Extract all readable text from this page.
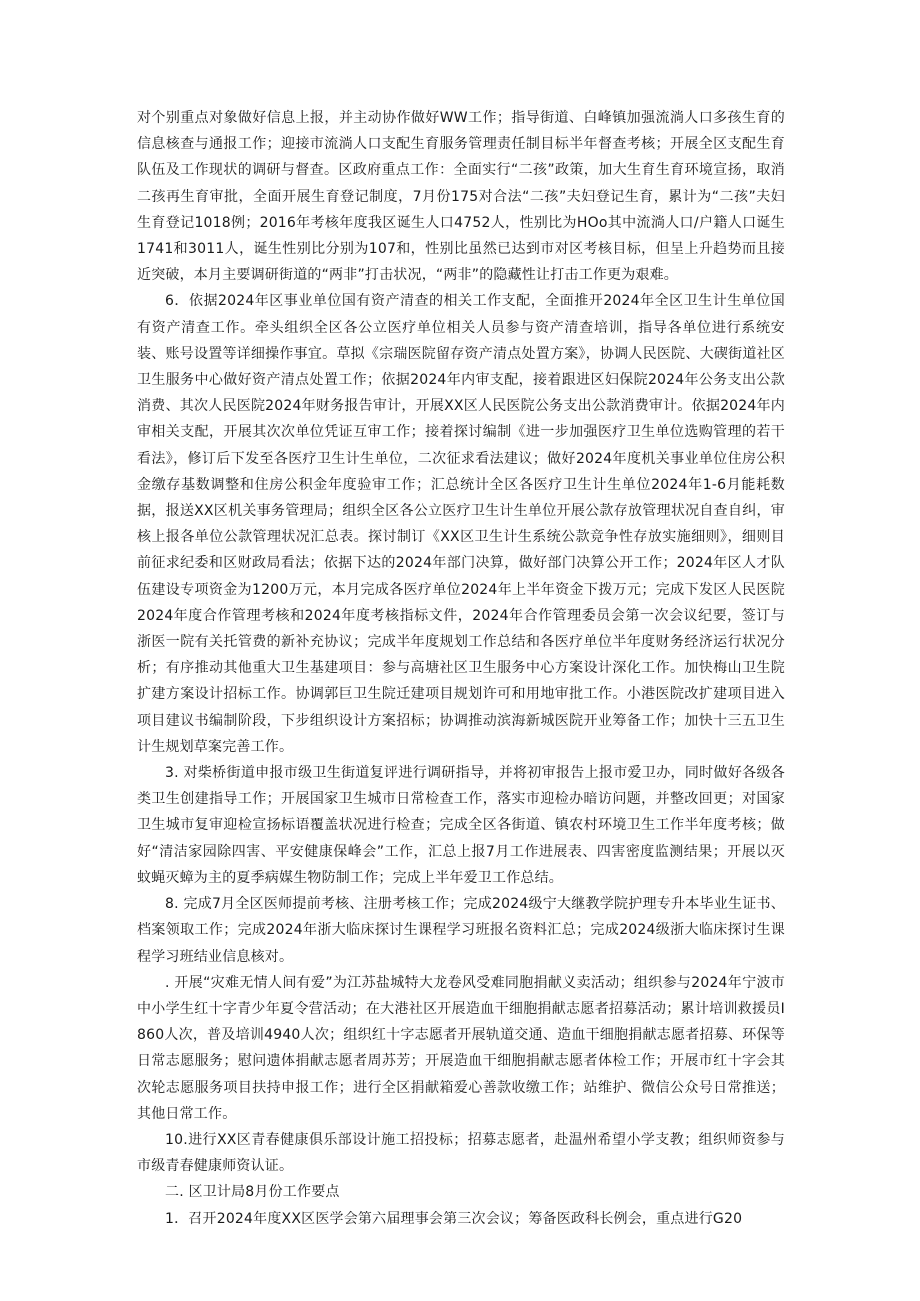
对个别重点对象做好信息上报，并主动协作做好WW工作；指导街道、白峰镇加强流淌人口多孩生育的信息核查与通报工作；迎接市流淌人口支配生育服务管理责任制目标半年督查考核；开展全区支配生育队伍及工作现状的调研与督查。区政府重点工作：全面实行“二孩”政策，加大生育生育环境宣扬，取消二孩再生育审批，全面开展生育登记制度，7月份175对合法“二孩”夫妇登记生育，累计为“二孩”夫妇生育登记1018例；2016年考核年度我区诞生人口4752人，性别比为HOo其中流淌人口/户籍人口诞生1741和3011人，诞生性别比分别为107和，性别比虽然已达到市对区考核目标，但呈上升趋势而且接近突破，本月主要调研街道的“两非”打击状况，“两非”的隐藏性让打击工作更为艰难。

6．依据2024年区事业单位国有资产清查的相关工作支配，全面推开2024年全区卫生计生单位国有资产清查工作。牵头组织全区各公立医疗单位相关人员参与资产清查培训，指导各单位进行系统安装、账号设置等详细操作事宜。草拟《宗瑞医院留存资产清点处置方案》，协调人民医院、大碶街道社区卫生服务中心做好资产清点处置工作；依据2024年内审支配，接着跟进区妇保院2024年公务支出公款消费、其次人民医院2024年财务报告审计，开展XX区人民医院公务支出公款消费审计。依据2024年内审相关支配，开展其次次单位凭证互审工作；接着探讨编制《进一步加强医疗卫生单位选购管理的若干看法》，修订后下发至各医疗卫生计生单位，二次征求看法建议；做好2024年度机关事业单位住房公积金缴存基数调整和住房公积金年度验审工作；汇总统计全区各医疗卫生计生单位2024年1-6月能耗数据，报送XX区机关事务管理局；组织全区各公立医疗卫生计生单位开展公款存放管理状况自查自纠，审核上报各单位公款管理状况汇总表。探讨制订《XX区卫生计生系统公款竞争性存放实施细则》，细则目前征求纪委和区财政局看法；依据下达的2024年部门决算，做好部门决算公开工作；2024年区人才队伍建设专项资金为1200万元，本月完成各医疗单位2024年上半年资金下拨万元；完成下发区人民医院2024年度合作管理考核和2024年度考核指标文件，2024年合作管理委员会第一次会议纪要，签订与浙医一院有关托管费的新补充协议；完成半年度规划工作总结和各医疗单位半年度财务经济运行状况分析；有序推动其他重大卫生基建项目：参与高塘社区卫生服务中心方案设计深化工作。加快梅山卫生院扩建方案设计招标工作。协调郭巨卫生院迁建项目规划许可和用地审批工作。小港医院改扩建项目进入项目建议书编制阶段，下步组织设计方案招标；协调推动滨海新城医院开业筹备工作；加快十三五卫生计生规划草案完善工作。

3. 对柴桥街道申报市级卫生街道复评进行调研指导，并将初审报告上报市爱卫办，同时做好各级各类卫生创建指导工作；开展国家卫生城市日常检查工作，落实市迎检办暗访问题，并整改回更；对国家卫生城市复审迎检宣扬标语覆盖状况进行检查；完成全区各街道、镇农村环境卫生工作半年度考核；做好“清洁家园除四害、平安健康保峰会”工作，汇总上报7月工作进展表、四害密度监测结果；开展以灭蚊蝇灭蟑为主的夏季病媒生物防制工作；完成上半年爱卫工作总结。

8. 完成7月全区医师提前考核、注册考核工作；完成2024级宁大继教学院护理专升本毕业生证书、档案领取工作；完成2024年浙大临床探讨生课程学习班报名资料汇总；完成2024级浙大临床探讨生课程学习班结业信息核对。

. 开展“灾难无情人间有爱”为江苏盐城特大龙卷风受难同胞捐献义卖活动；组织参与2024年宁波市中小学生红十字青少年夏令营活动；在大港社区开展造血干细胞捐献志愿者招募活动；累计培训救援员I860人次，普及培训4940人次；组织红十字志愿者开展轨道交通、造血干细胞捐献志愿者招募、环保等日常志愿服务；慰问遗体捐献志愿者周苏芳；开展造血干细胞捐献志愿者体检工作；开展市红十字会其次轮志愿服务项目扶持申报工作；进行全区捐献箱爱心善款收缴工作；站维护、微信公众号日常推送；其他日常工作。

10.进行XX区青春健康俱乐部设计施工招投标；招募志愿者，赴温州希望小学支教；组织师资参与市级青春健康师资认证。

二. 区卫计局8月份工作要点

1．召开2024年度XX区医学会第六届理事会第三次会议；筹备医政科长例会，重点进行G20
